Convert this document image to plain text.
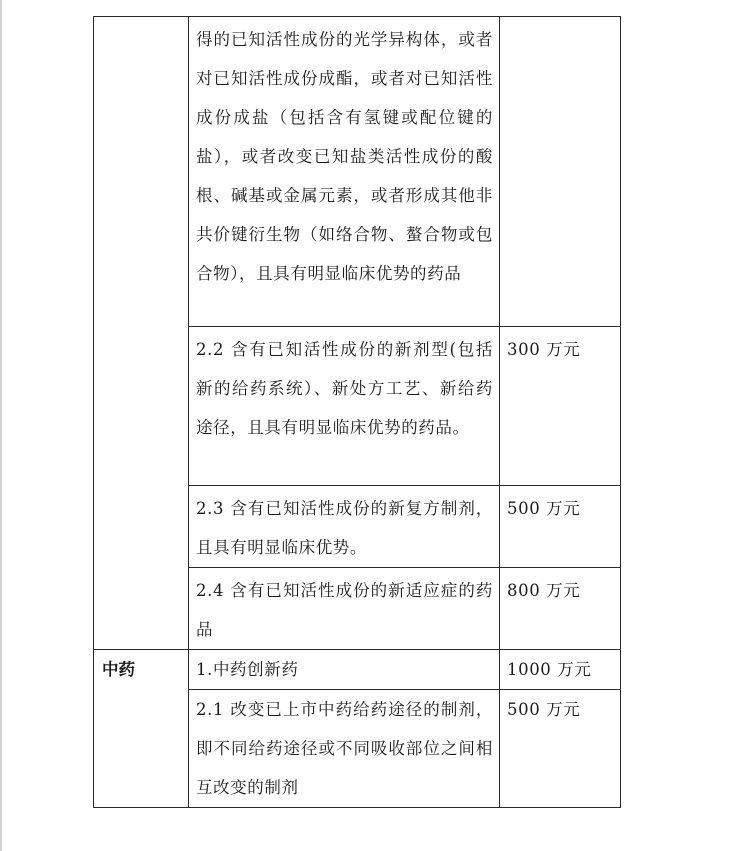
	得的已知活性成份的光学异构体，或者对已知活性成份成酯，或者对已知活性成份成盐（包括含有氢键或配位键的盐），或者改变已知盐类活性成份的酸根、碱基或金属元素，或者形成其他非共价键衍生物（如络合物、螯合物或包合物），且具有明显临床优势的药品	

	2.2 含有已知活性成份的新剂型(包括新的给药系统）、新处方工艺、新给药途径，且具有明显临床优势的药品。	300 万元

	2.3 含有已知活性成份的新复方制剂，且具有明显临床优势。	500 万元

	2.4 含有已知活性成份的新适应症的药品	800 万元

中药	1.中药创新药	1000 万元

	2.1 改变已上市中药给药途径的制剂，即不同给药途径或不同吸收部位之间相互改变的制剂	500 万元
